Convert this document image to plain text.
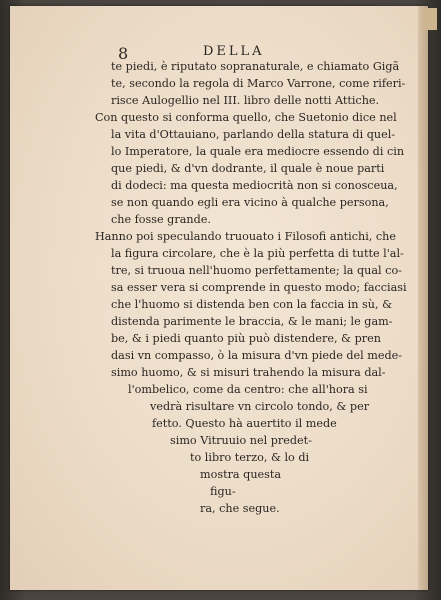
8	DELLA
te piedi, è riputato sopranaturale, e chiamato Gigã
te, secondo la regola di Marco Varrone, come riferi-
risce Aulogellio nel III. libro delle notti Attiche.
Con questo si conforma quello, che Suetonio dice nel
la vita d'Ottauiano, parlando della statura di quel-
lo Imperatore, la quale era mediocre essendo di cin
que piedi, & d'vn dodrante, il quale è noue parti
di dodeci: ma questa mediocrità non si conosceua,
se non quando egli era vicino à qualche persona,
che fosse grande.
Hanno poi speculando truouato i Filosofi antichi, che
la figura circolare, che è la più perfetta di tutte l'al-
tre, si truoua nell'huomo perfettamente; la qual co-
sa esser vera si comprende in questo modo; facciasi
che l'huomo si distenda ben con la faccia in sù, &
distenda parimente le braccia, & le mani; le gam-
be, & i piedi quanto più può distendere, & pren
dasi vn compasso, ò la misura d'vn piede del mede-
simo huomo, & si misuri trahendo la misura dal-
l'ombelico, come da centro: che all'hora si
vedrà risultare vn circolo tondo, & per
fetto. Questo hà auertito il mede
simo Vitruuio nel predet-
to libro terzo, & lo di
mostra questa
figu-
ra, che segue.
